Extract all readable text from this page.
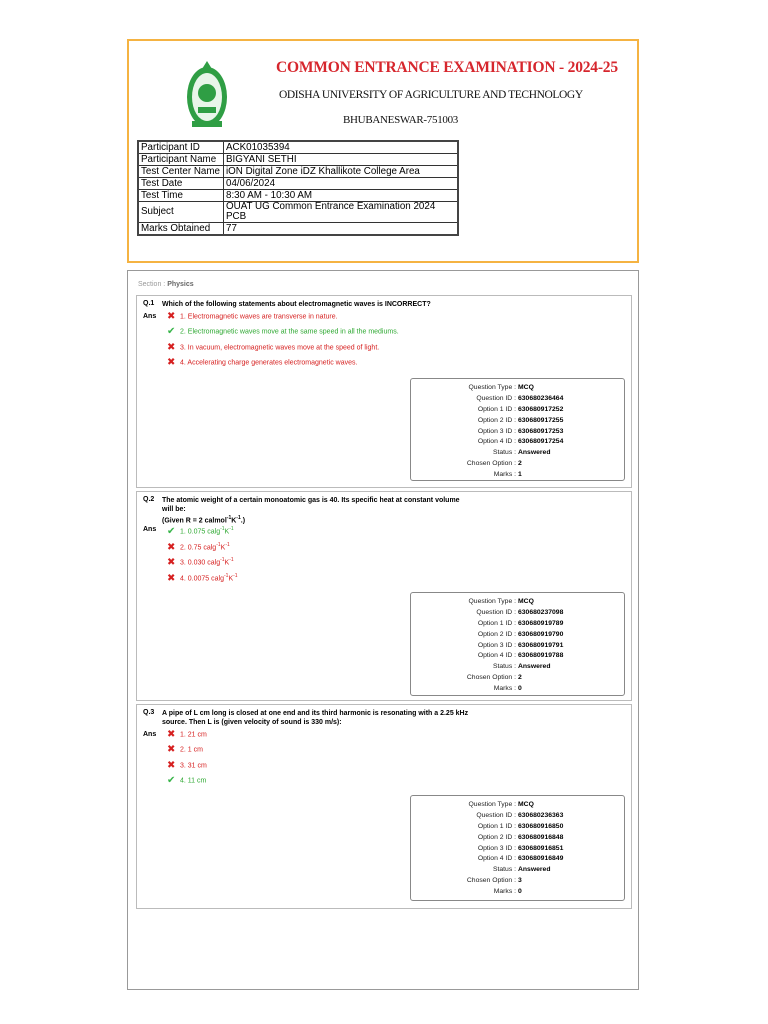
COMMON ENTRANCE EXAMINATION - 2024-25
ODISHA UNIVERSITY OF AGRICULTURE AND TECHNOLOGY
BHUBANESWAR-751003
Participant ID	ACK01035394
Participant Name	BIGYANI SETHI
Test Center Name	iON Digital Zone iDZ Khallikote College Area
Test Date	04/06/2024
Test Time	8:30 AM - 10:30 AM
Subject	OUAT UG Common Entrance Examination 2024 PCB
Marks Obtained	77
Section : Physics
Q.1 Which of the following statements about electromagnetic waves is INCORRECT?
Ans ✖ 1. Electromagnetic waves are transverse in nature.
✔ 2. Electromagnetic waves move at the same speed in all the mediums.
✖ 3. In vacuum, electromagnetic waves move at the speed of light.
✖ 4. Accelerating charge generates electromagnetic waves.
Question Type : MCQ
Question ID : 630680236464
Option 1 ID : 630680917252
Option 2 ID : 630680917255
Option 3 ID : 630680917253
Option 4 ID : 630680917254
Status : Answered
Chosen Option : 2
Marks : 1
Q.2 The atomic weight of a certain monoatomic gas is 40. Its specific heat at constant volume
will be:
(Given R = 2 $calmol^{-1}K^{-1}$.)
Ans ✔ 1. 0.075 $calg^{-1}K^{-1}$
✖ 2. 0.75 $calg^{-1}K^{-1}$
✖ 3. 0.030 $calg^{-1}K^{-1}$
✖ 4. 0.0075 $calg^{-1}K^{-1}$
Question Type : MCQ
Question ID : 630680237098
Option 1 ID : 630680919789
Option 2 ID : 630680919790
Option 3 ID : 630680919791
Option 4 ID : 630680919788
Status : Answered
Chosen Option : 2
Marks : 0
Q.3 A pipe of L cm long is closed at one end and its third harmonic is resonating with a 2.25 kHz
source. Then L is (given velocity of sound is 330 m/s):
Ans ✖ 1. 21 cm
✖ 2. 1 cm
✖ 3. 31 cm
✔ 4. 11 cm
Question Type : MCQ
Question ID : 630680236363
Option 1 ID : 630680916850
Option 2 ID : 630680916848
Option 3 ID : 630680916851
Option 4 ID : 630680916849
Status : Answered
Chosen Option : 3
Marks : 0
